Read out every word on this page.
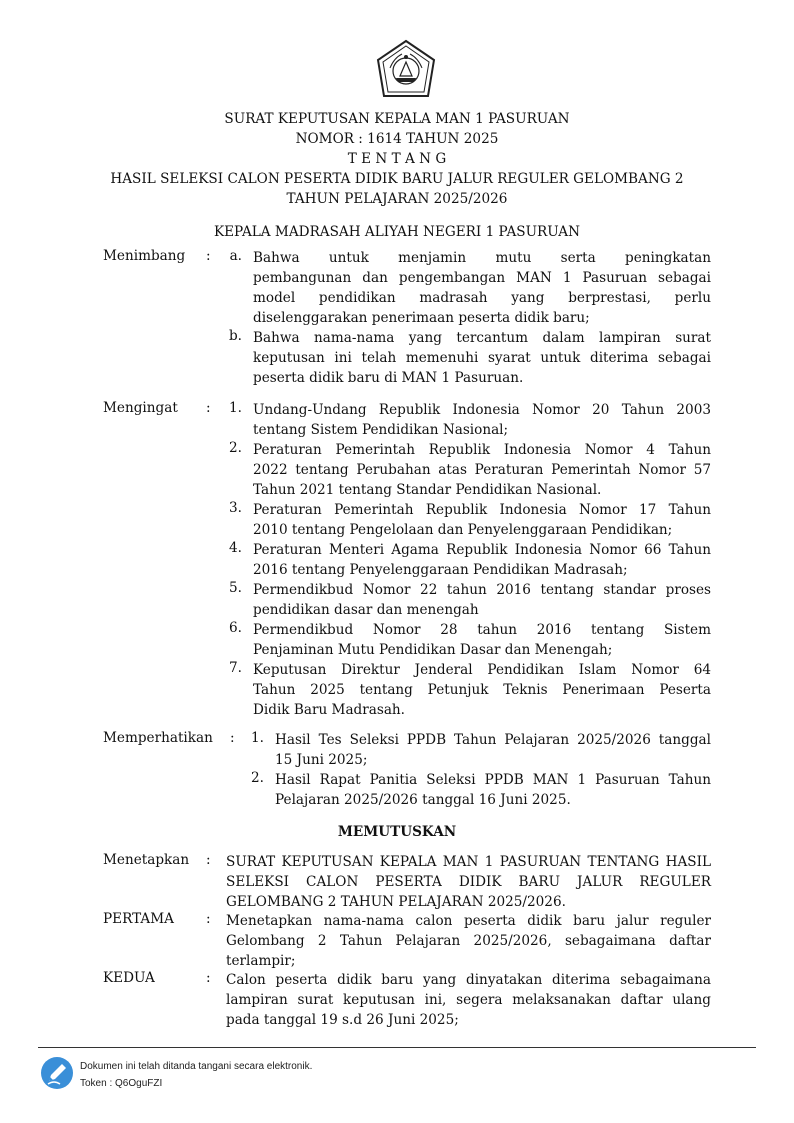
SURAT KEPUTUSAN KEPALA MAN 1 PASURUAN
NOMOR : 1614 TAHUN 2025
T E N T A N G
HASIL SELEKSI CALON PESERTA DIDIK BARU JALUR REGULER GELOMBANG 2
TAHUN PELAJARAN 2025/2026
KEPALA MADRASAH ALIYAH NEGERI 1 PASURUAN
Menimbang :	a. Bahwa untuk menjamin mutu serta peningkatan
pembangunan dan pengembangan MAN 1 Pasuruan sebagai
model pendidikan madrasah yang berprestasi, perlu
diselenggarakan penerimaan peserta didik baru;
b. Bahwa nama-nama yang tercantum dalam lampiran surat
keputusan ini telah memenuhi syarat untuk diterima sebagai
peserta didik baru di MAN 1 Pasuruan.
Mengingat :	1. Undang-Undang Republik Indonesia Nomor 20 Tahun 2003
tentang Sistem Pendidikan Nasional;
2. Peraturan Pemerintah Republik Indonesia Nomor 4 Tahun
2022 tentang Perubahan atas Peraturan Pemerintah Nomor 57
Tahun 2021 tentang Standar Pendidikan Nasional.
3. Peraturan Pemerintah Republik Indonesia Nomor 17 Tahun
2010 tentang Pengelolaan dan Penyelenggaraan Pendidikan;
4. Peraturan Menteri Agama Republik Indonesia Nomor 66 Tahun
2016 tentang Penyelenggaraan Pendidikan Madrasah;
5. Permendikbud Nomor 22 tahun 2016 tentang standar proses
pendidikan dasar dan menengah
6. Permendikbud Nomor 28 tahun 2016 tentang Sistem
Penjaminan Mutu Pendidikan Dasar dan Menengah;
7. Keputusan Direktur Jenderal Pendidikan Islam Nomor 64
Tahun 2025 tentang Petunjuk Teknis Penerimaan Peserta
Didik Baru Madrasah.
Memperhatikan :	1. Hasil Tes Seleksi PPDB Tahun Pelajaran 2025/2026 tanggal
15 Juni 2025;
2. Hasil Rapat Panitia Seleksi PPDB MAN 1 Pasuruan Tahun
Pelajaran 2025/2026 tanggal 16 Juni 2025.
MEMUTUSKAN
Menetapkan : SURAT KEPUTUSAN KEPALA MAN 1 PASURUAN TENTANG HASIL
SELEKSI CALON PESERTA DIDIK BARU JALUR REGULER
GELOMBANG 2 TAHUN PELAJARAN 2025/2026.
PERTAMA : Menetapkan nama-nama calon peserta didik baru jalur reguler
Gelombang 2 Tahun Pelajaran 2025/2026, sebagaimana daftar
terlampir;
KEDUA	: Calon peserta didik baru yang dinyatakan diterima sebagaimana
lampiran surat keputusan ini, segera melaksanakan daftar ulang
pada tanggal 19 s.d 26 Juni 2025;
Dokumen ini telah ditanda tangani secara elektronik.
Token : Q6OguFZI
